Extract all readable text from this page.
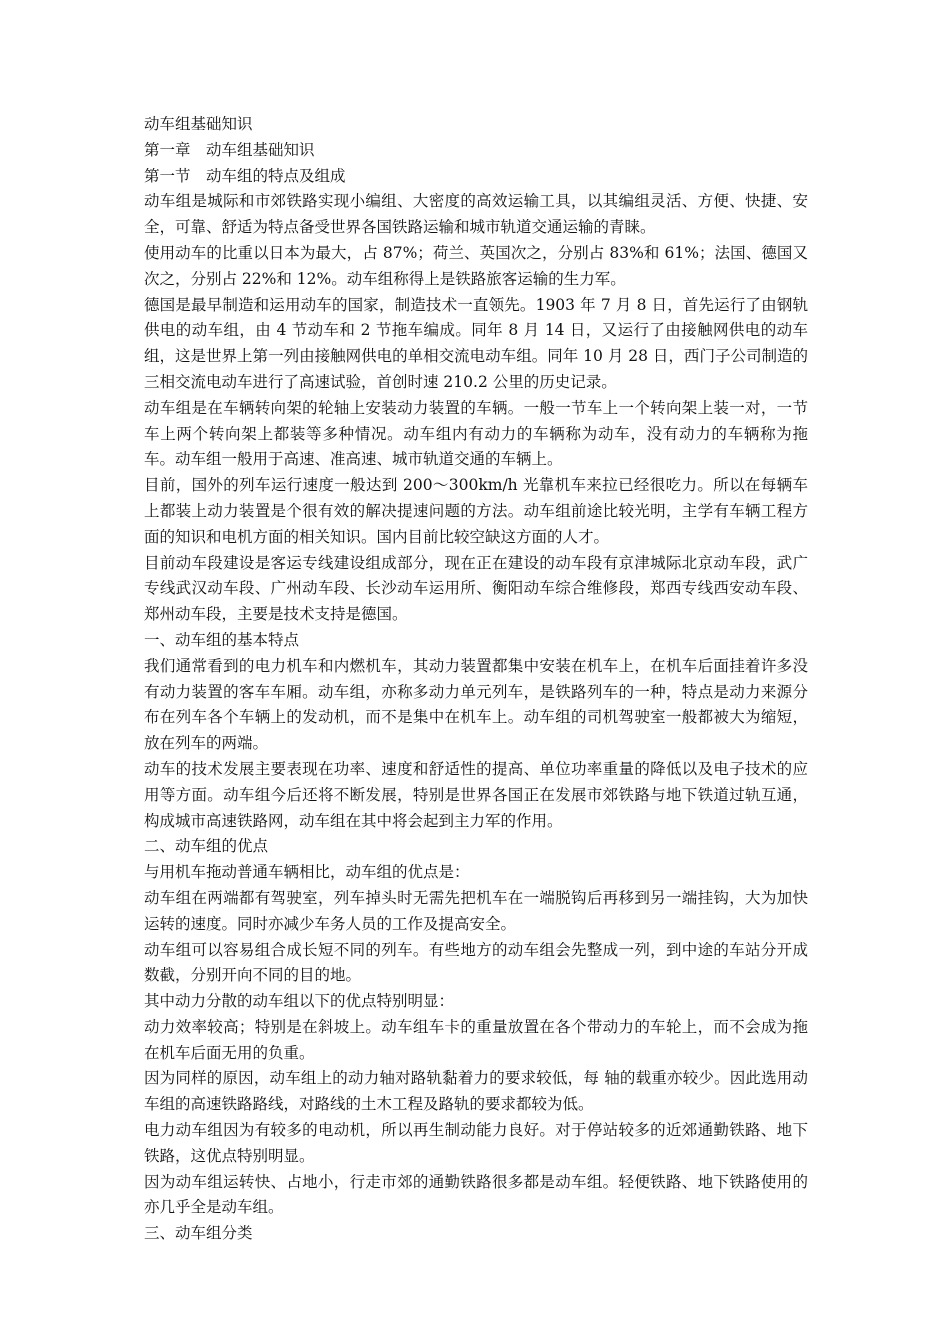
动车组基础知识

第一章　动车组基础知识

第一节　动车组的特点及组成

动车组是城际和市郊铁路实现小编组、大密度的高效运输工具，以其编组灵活、方便、快捷、安全，可靠、舒适为特点备受世界各国铁路运输和城市轨道交通运输的青睐。

使用动车的比重以日本为最大，占 87%；荷兰、英国次之，分别占 83%和 61%；法国、德国又次之，分别占 22%和 12%。动车组称得上是铁路旅客运输的生力军。

德国是最早制造和运用动车的国家，制造技术一直领先。1903 年 7 月 8 日，首先运行了由钢轨供电的动车组，由 4 节动车和 2 节拖车编成。同年 8 月 14 日，又运行了由接触网供电的动车组，这是世界上第一列由接触网供电的单相交流电动车组。同年 10 月 28 日，西门子公司制造的三相交流电动车进行了高速试验，首创时速 210.2 公里的历史记录。

动车组是在车辆转向架的轮轴上安装动力装置的车辆。一般一节车上一个转向架上装一对，一节车上两个转向架上都装等多种情况。动车组内有动力的车辆称为动车，没有动力的车辆称为拖车。动车组一般用于高速、准高速、城市轨道交通的车辆上。

目前，国外的列车运行速度一般达到 200～300km/h 光靠机车来拉已经很吃力。所以在每辆车上都装上动力装置是个很有效的解决提速问题的方法。动车组前途比较光明，主学有车辆工程方面的知识和电机方面的相关知识。国内目前比较空缺这方面的人才。

目前动车段建设是客运专线建设组成部分，现在正在建设的动车段有京津城际北京动车段，武广专线武汉动车段、广州动车段、长沙动车运用所、衡阳动车综合维修段，郑西专线西安动车段、郑州动车段，主要是技术支持是德国。

一、动车组的基本特点

我们通常看到的电力机车和内燃机车，其动力装置都集中安装在机车上，在机车后面挂着许多没有动力装置的客车车厢。动车组，亦称多动力单元列车，是铁路列车的一种，特点是动力来源分布在列车各个车辆上的发动机，而不是集中在机车上。动车组的司机驾驶室一般都被大为缩短，放在列车的两端。

动车的技术发展主要表现在功率、速度和舒适性的提高、单位功率重量的降低以及电子技术的应用等方面。动车组今后还将不断发展，特别是世界各国正在发展市郊铁路与地下铁道过轨互通，构成城市高速铁路网，动车组在其中将会起到主力军的作用。

二、动车组的优点

与用机车拖动普通车辆相比，动车组的优点是：

动车组在两端都有驾驶室，列车掉头时无需先把机车在一端脱钩后再移到另一端挂钩，大为加快运转的速度。同时亦减少车务人员的工作及提高安全。

动车组可以容易组合成长短不同的列车。有些地方的动车组会先整成一列，到中途的车站分开成数截，分别开向不同的目的地。

其中动力分散的动车组以下的优点特别明显：

动力效率较高；特别是在斜坡上。动车组车卡的重量放置在各个带动力的车轮上，而不会成为拖在机车后面无用的负重。

因为同样的原因，动车组上的动力轴对路轨黏着力的要求较低，每 轴的载重亦较少。因此选用动车组的高速铁路路线，对路线的土木工程及路轨的要求都较为低。

电力动车组因为有较多的电动机，所以再生制动能力良好。对于停站较多的近郊通勤铁路、地下铁路，这优点特别明显。

因为动车组运转快、占地小，行走市郊的通勤铁路很多都是动车组。轻便铁路、地下铁路使用的亦几乎全是动车组。

三、动车组分类
